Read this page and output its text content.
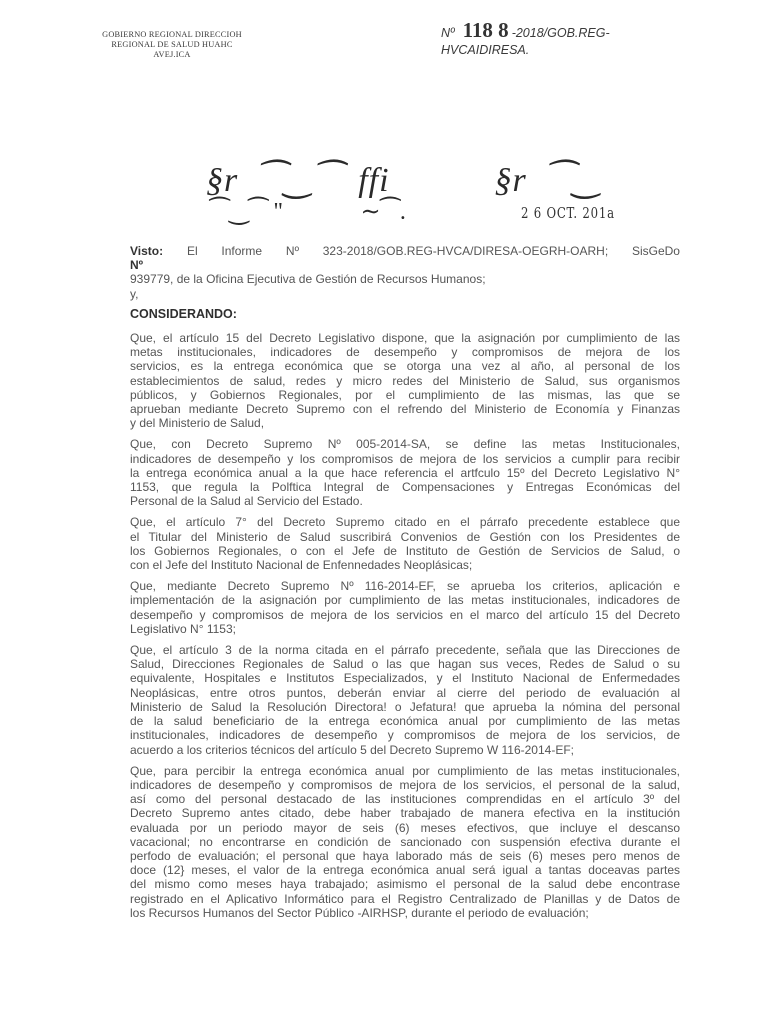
GOBIERNO REGIONAL DIRECCIOH
REGIONAL DE SALUD HUAHC
AVEJ.ICA
Nº 118 8 -2018/GOB.REG-
HVCAIDIRESA.
§r ⁀‿⁀ ffi      §r ⁀‿
⁀‿⁀ ''             ∼⁀.	2 6 OCT. 201a
Visto: El Informe Nº 323-2018/GOB.REG-HVCA/DIRESA-OEGRH-OARH; SisGeDo
Nº
939779, de la Oficina Ejecutiva de Gestión de Recursos Humanos;
y,
CONSIDERANDO:
Que, el artículo 15 del Decreto Legislativo dispone, que la asignación por cumplimiento de las
metas institucionales, indicadores de desempeño y compromisos de mejora de los
servicios, es la entrega económica que se otorga una vez al año, al personal de los
establecimientos de salud, redes y micro redes del Ministerio de Salud, sus organismos
públicos, y Gobiernos Regionales, por el cumplimiento de las mismas, las que se
aprueban mediante Decreto Supremo con el refrendo del Ministerio de Economía y Finanzas
y del Ministerio de Salud,
Que, con Decreto Supremo Nº 005-2014-SA, se define las metas Institucionales,
indicadores de desempeño y los compromisos de mejora de los servicios a cumplir para recibir
la entrega económica anual a la que hace referencia el artfculo 15º del Decreto Legislativo N°
1153, que regula la Polftica Integral de Compensaciones y Entregas Económicas del
Personal de la Salud al Servicio del Estado.
Que, el artículo 7° del Decreto Supremo citado en el párrafo precedente establece que
el Titular del Ministerio de Salud suscribirá Convenios de Gestión con los Presidentes de
los Gobiernos Regionales, o con el Jefe de Instituto de Gestión de Servicios de Salud, o
con el Jefe del Instituto Nacional de Enfennedades Neoplásicas;
Que, mediante Decreto Supremo Nº 116-2014-EF, se aprueba los criterios, aplicación e
implementación de la asignación por cumplimiento de las metas institucionales, indicadores de
desempeño y compromisos de mejora de los servicios en el marco del artículo 15 del Decreto
Legislativo N° 1153;
Que, el artículo 3 de la norma citada en el párrafo precedente, señala que las Direcciones de
Salud, Direcciones Regionales de Salud o las que hagan sus veces, Redes de Salud o su
equivalente, Hospitales e Institutos Especializados, y el Instituto Nacional de Enfermedades
Neoplásicas, entre otros puntos, deberán enviar al cierre del periodo de evaluación al
Ministerio de Salud la Resolución Directora! o Jefatura! que aprueba la nómina del personal
de la salud beneficiario de la entrega económica anual por cumplimiento de las metas
institucionales, indicadores de desempeño y compromisos de mejora de los servicios, de
acuerdo a los criterios técnicos del artículo 5 del Decreto Supremo W 116-2014-EF;
Que, para percibir la entrega económica anual por cumplimiento de las metas institucionales,
indicadores de desempeño y compromisos de mejora de los servicios, el personal de la salud,
así como del personal destacado de las instituciones comprendidas en el artículo 3º del
Decreto Supremo antes citado, debe haber trabajado de manera efectiva en la institución
evaluada por un periodo mayor de seis (6) meses efectivos, que incluye el descanso
vacacional; no encontrarse en condición de sancionado con suspensión efectiva durante el
perfodo de evaluación; el personal que haya laborado más de seis (6) meses pero menos de
doce (12} meses, el valor de la entrega económica anual será igual a tantas doceavas partes
del mismo como meses haya trabajado; asimismo el personal de la salud debe encontrase
registrado en el Aplicativo Informático para el Registro Centralizado de Planillas y de Datos de
los Recursos Humanos del Sector Público -AIRHSP, durante el periodo de evaluación;
